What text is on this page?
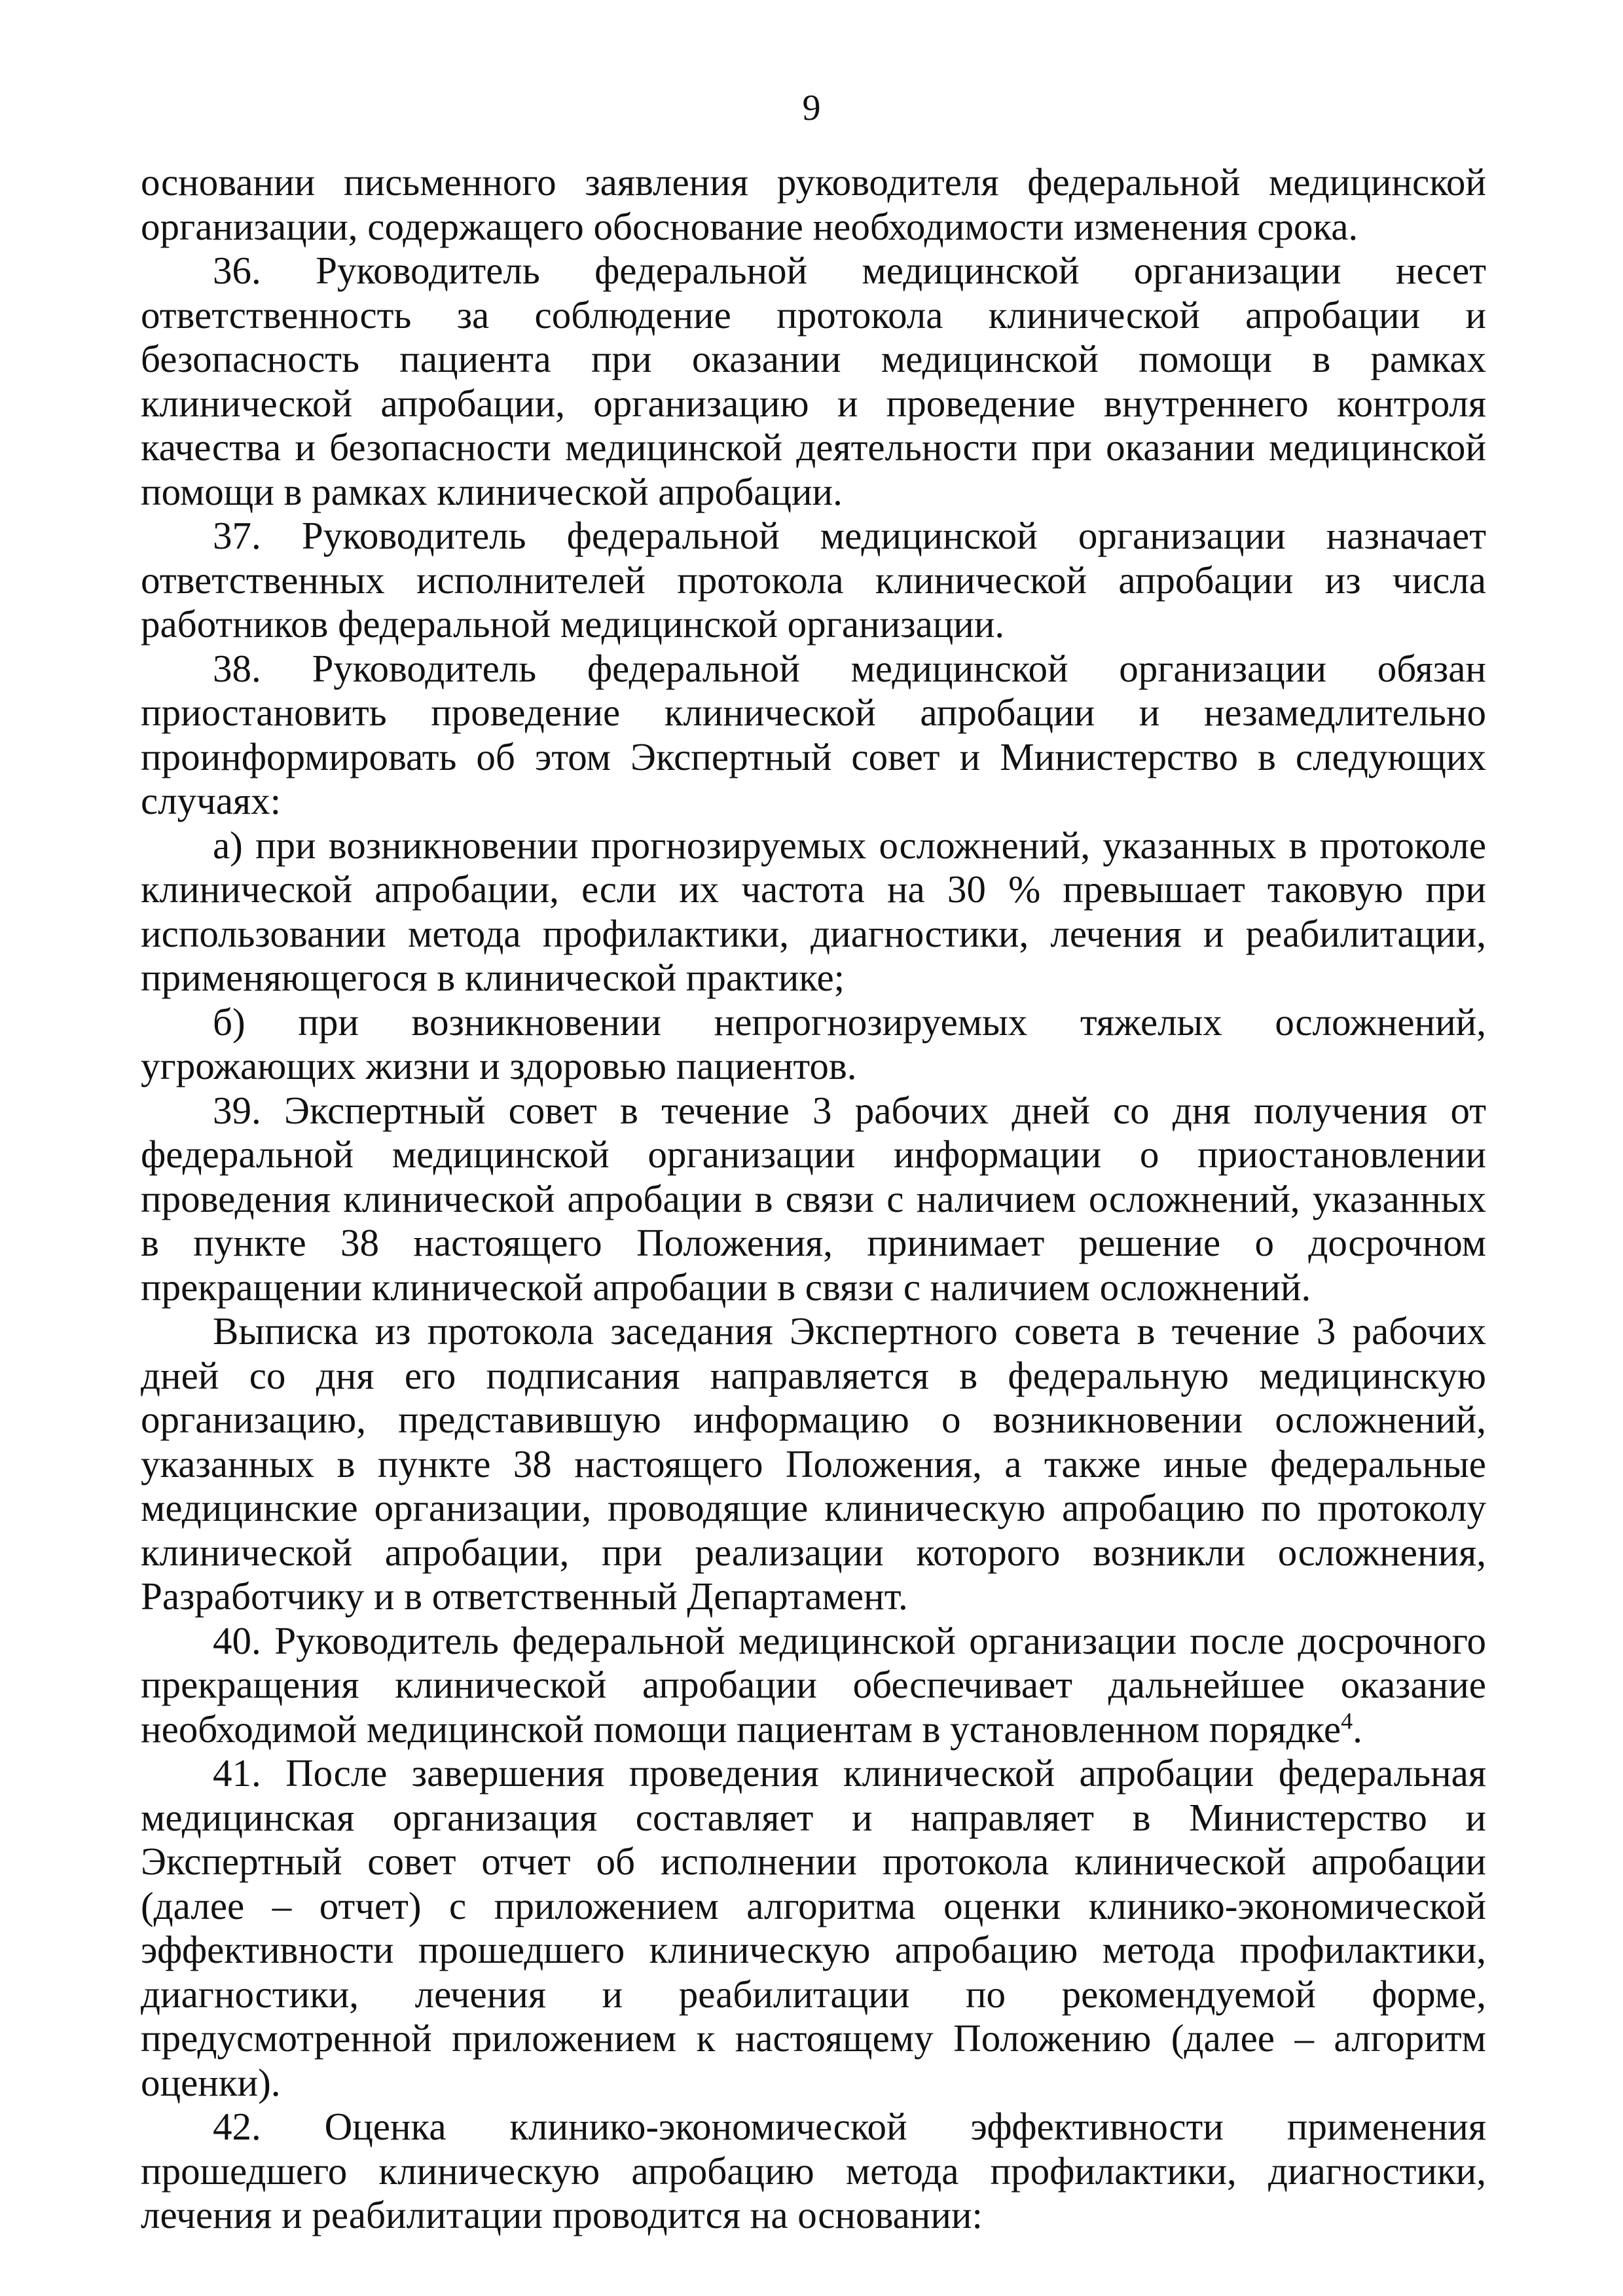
9

основании письменного заявления руководителя федеральной медицинской организации, содержащего обоснование необходимости изменения срока.

36. Руководитель федеральной медицинской организации несет ответственность за соблюдение протокола клинической апробации и безопасность пациента при оказании медицинской помощи в рамках клинической апробации, организацию и проведение внутреннего контроля качества и безопасности медицинской деятельности при оказании медицинской помощи в рамках клинической апробации.

37. Руководитель федеральной медицинской организации назначает ответственных исполнителей протокола клинической апробации из числа работников федеральной медицинской организации.

38. Руководитель федеральной медицинской организации обязан приостановить проведение клинической апробации и незамедлительно проинформировать об этом Экспертный совет и Министерство в следующих случаях:

а) при возникновении прогнозируемых осложнений, указанных в протоколе клинической апробации, если их частота на 30 % превышает таковую при использовании метода профилактики, диагностики, лечения и реабилитации, применяющегося в клинической практике;

б) при возникновении непрогнозируемых тяжелых осложнений, угрожающих жизни и здоровью пациентов.

39. Экспертный совет в течение 3 рабочих дней со дня получения от федеральной медицинской организации информации о приостановлении проведения клинической апробации в связи с наличием осложнений, указанных в пункте 38 настоящего Положения, принимает решение о досрочном прекращении клинической апробации в связи с наличием осложнений.

Выписка из протокола заседания Экспертного совета в течение 3 рабочих дней со дня его подписания направляется в федеральную медицинскую организацию, представившую информацию о возникновении осложнений, указанных в пункте 38 настоящего Положения, а также иные федеральные медицинские организации, проводящие клиническую апробацию по протоколу клинической апробации, при реализации которого возникли осложнения, Разработчику и в ответственный Департамент.

40. Руководитель федеральной медицинской организации после досрочного прекращения клинической апробации обеспечивает дальнейшее оказание необходимой медицинской помощи пациентам в установленном порядке$^4$.

41. После завершения проведения клинической апробации федеральная медицинская организация составляет и направляет в Министерство и Экспертный совет отчет об исполнении протокола клинической апробации (далее – отчет) с приложением алгоритма оценки клинико-экономической эффективности прошедшего клиническую апробацию метода профилактики, диагностики, лечения и реабилитации по рекомендуемой форме, предусмотренной приложением к настоящему Положению (далее – алгоритм оценки).

42. Оценка клинико-экономической эффективности применения прошедшего клиническую апробацию метода профилактики, диагностики, лечения и реабилитации проводится на основании:
